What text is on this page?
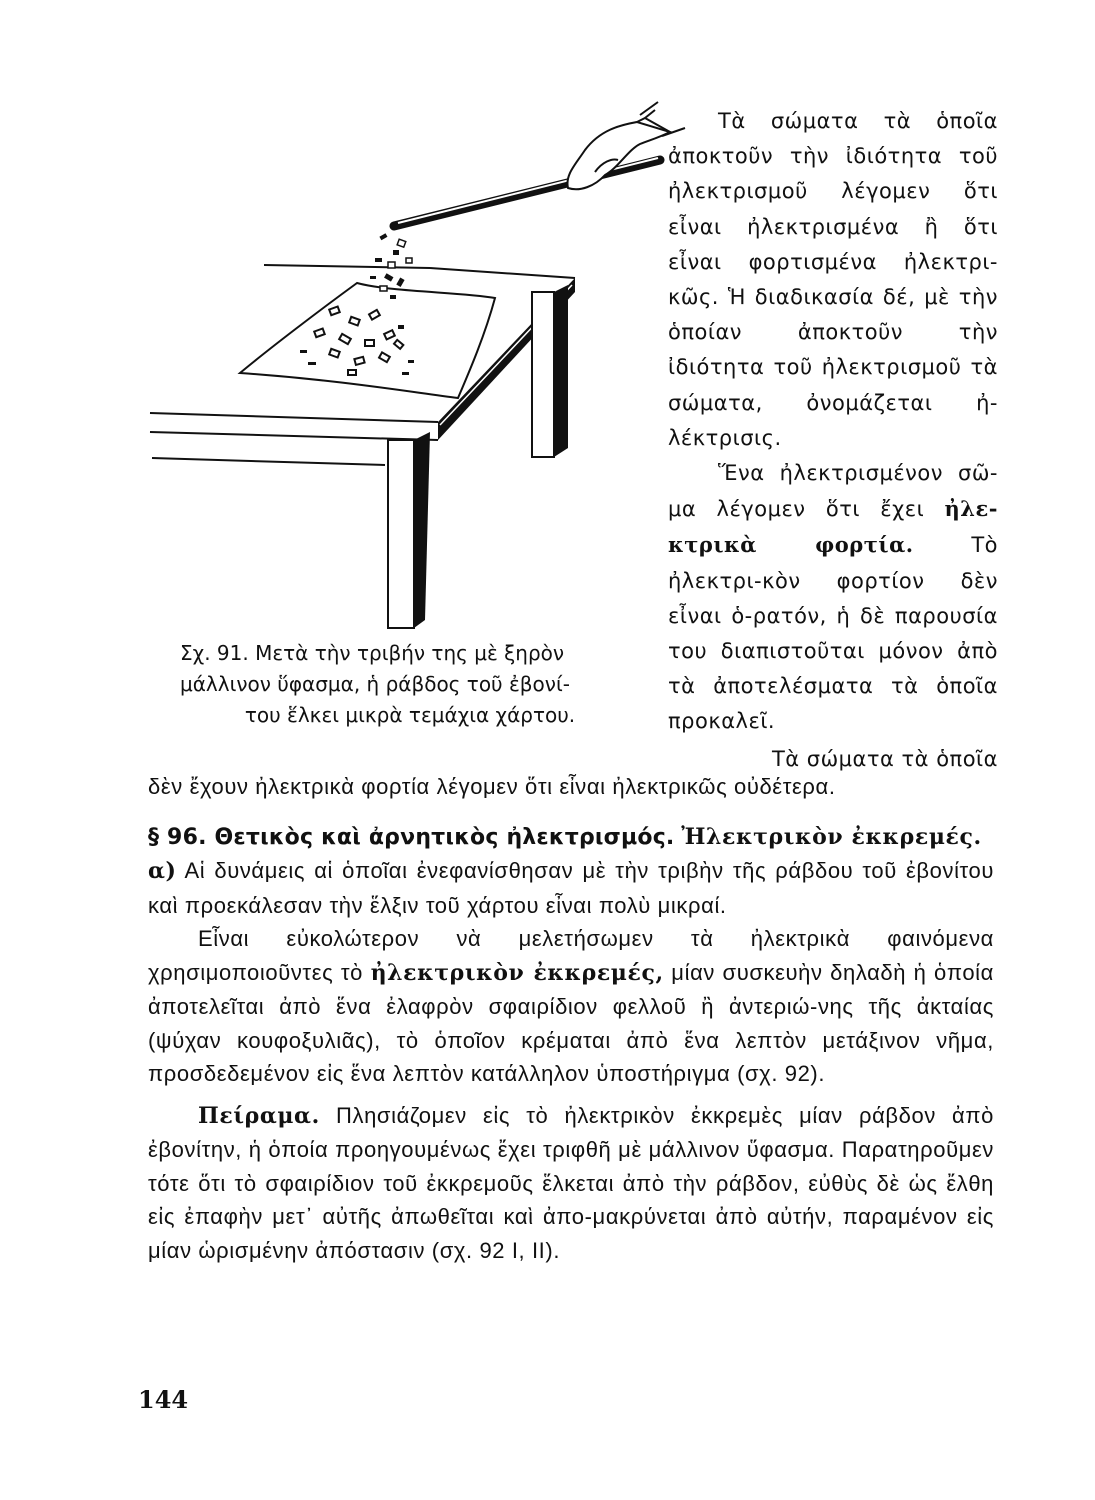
Σχ. 91. Μετὰ τὴν τριβήν της μὲ ξηρὸν
μάλλινον ὕφασμα, ἡ ράβδος τοῦ ἐβονί-

του ἕλκει μικρὰ τεμάχια χάρτου.

Τὰ σώματα τὰ ὁποῖα ἀποκτοῦν τὴν ἰδιότητα τοῦ ἠλεκτρισμοῦ λέγομεν ὅτι εἶναι ἠλεκτρισμένα ἢ ὅτι εἶναι φορτισμένα ἠλεκτρι-κῶς. Ἡ διαδικασία δέ, μὲ τὴν ὁποίαν ἀποκτοῦν τὴν ἰδιότητα τοῦ ἠλεκτρισμοῦ τὰ σώματα, ὀνομάζεται ἠ-λέκτρισις.

Ἕνα ἠλεκτρισμένον σῶ-μα λέγομεν ὅτι ἔχει ἠλε-κτρικὰ φορτία. Τὸ ἠλεκτρι-κὸν φορτίον δὲν εἶναι ὁ-ρατόν, ἡ δὲ παρουσία του διαπιστοῦται μόνον ἀπὸ τὰ ἀποτελέσματα τὰ ὁποῖα προκαλεῖ.

Τὰ σώματα τὰ ὁποῖα

δὲν ἔχουν ἠλεκτρικὰ φορτία λέγομεν ὅτι εἶναι ἠλεκτρικῶς οὐδέτερα.

§ 96. Θετικὸς καὶ ἀρνητικὸς ἠλεκτρισμός. Ἠλεκτρικὸν ἐκκρεμές.

α) Αἱ δυνάμεις αἱ ὁποῖαι ἐνεφανίσθησαν μὲ τὴν τριβὴν τῆς ράβδου τοῦ ἐβονίτου καὶ προεκάλεσαν τὴν ἕλξιν τοῦ χάρτου εἶναι πολὺ μικραί.

Εἶναι εὐκολώτερον νὰ μελετήσωμεν τὰ ἠλεκτρικὰ φαινόμενα χρησιμοποιοῦντες τὸ ἠλεκτρικὸν ἐκκρεμές, μίαν συσκευὴν δηλαδὴ ἡ ὁποία ἀποτελεῖται ἀπὸ ἕνα ἐλαφρὸν σφαιρίδιον φελλοῦ ἢ ἀντεριώ-νης τῆς ἀκταίας (ψύχαν κουφοξυλιᾶς), τὸ ὁποῖον κρέμαται ἀπὸ ἕνα λεπτὸν μετάξινον νῆμα, προσδεδεμένον εἰς ἕνα λεπτὸν κατάλληλον ὑποστήριγμα (σχ. 92).

Πείραμα. Πλησιάζομεν εἰς τὸ ἠλεκτρικὸν ἐκκρεμὲς μίαν ράβδον ἀπὸ ἐβονίτην, ἡ ὁποία προηγουμένως ἔχει τριφθῆ μὲ μάλλινον ὕφασμα. Παρατηροῦμεν τότε ὅτι τὸ σφαιρίδιον τοῦ ἐκκρεμοῦς ἕλκεται ἀπὸ τὴν ράβδον, εὐθὺς δὲ ὡς ἔλθη εἰς ἐπαφὴν μετ᾽ αὐτῆς ἀπωθεῖται καὶ ἀπο-μακρύνεται ἀπὸ αὐτήν, παραμένον εἰς μίαν ὡρισμένην ἀπόστασιν (σχ. 92 I, II).

144
